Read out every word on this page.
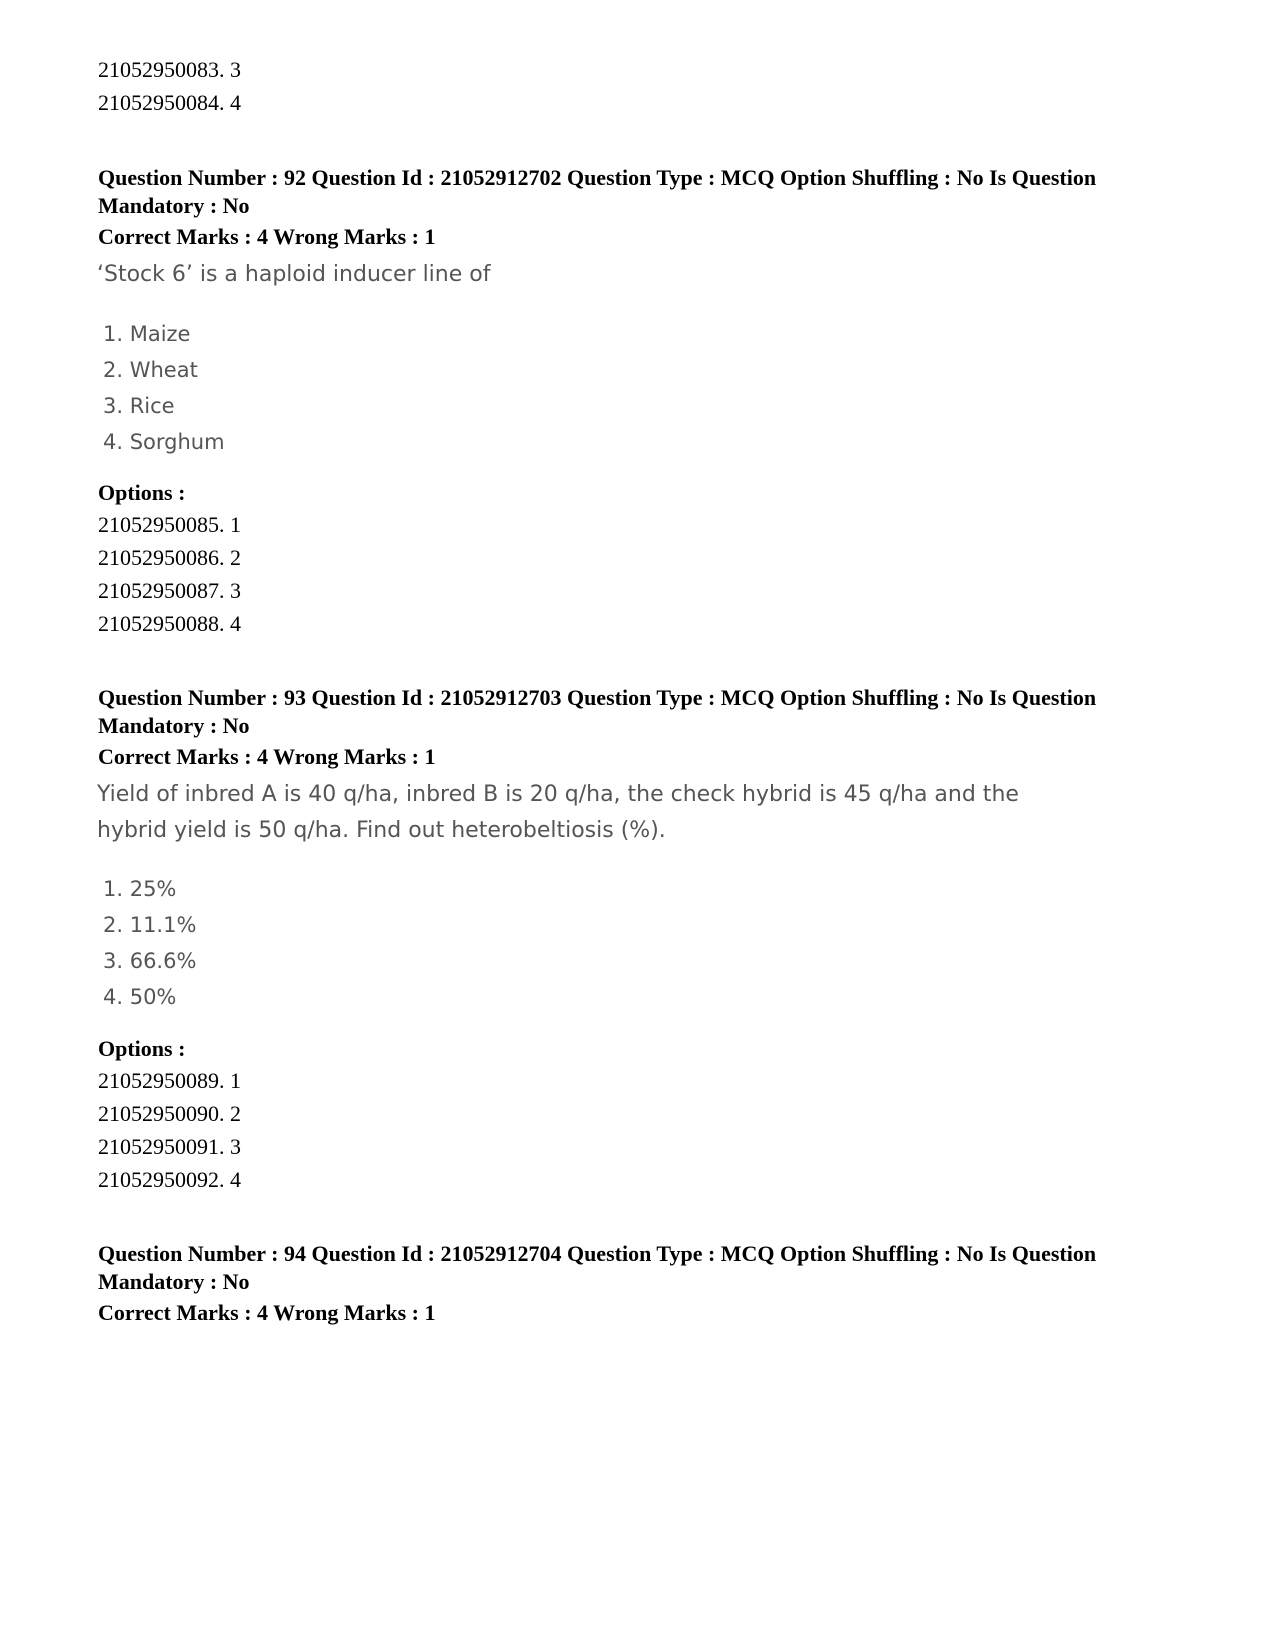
21052950083. 3
21052950084. 4
Question Number : 92 Question Id : 21052912702 Question Type : MCQ Option Shuffling : No Is Question Mandatory : No
Correct Marks : 4 Wrong Marks : 1
‘Stock 6’ is a haploid inducer line of
1. Maize
2. Wheat
3. Rice
4. Sorghum
Options :
21052950085. 1
21052950086. 2
21052950087. 3
21052950088. 4
Question Number : 93 Question Id : 21052912703 Question Type : MCQ Option Shuffling : No Is Question Mandatory : No
Correct Marks : 4 Wrong Marks : 1
Yield of inbred A is 40 q/ha, inbred B is 20 q/ha, the check hybrid is 45 q/ha and the hybrid yield is 50 q/ha. Find out heterobeltiosis (%).
1. 25%
2. 11.1%
3. 66.6%
4. 50%
Options :
21052950089. 1
21052950090. 2
21052950091. 3
21052950092. 4
Question Number : 94 Question Id : 21052912704 Question Type : MCQ Option Shuffling : No Is Question Mandatory : No
Correct Marks : 4 Wrong Marks : 1
